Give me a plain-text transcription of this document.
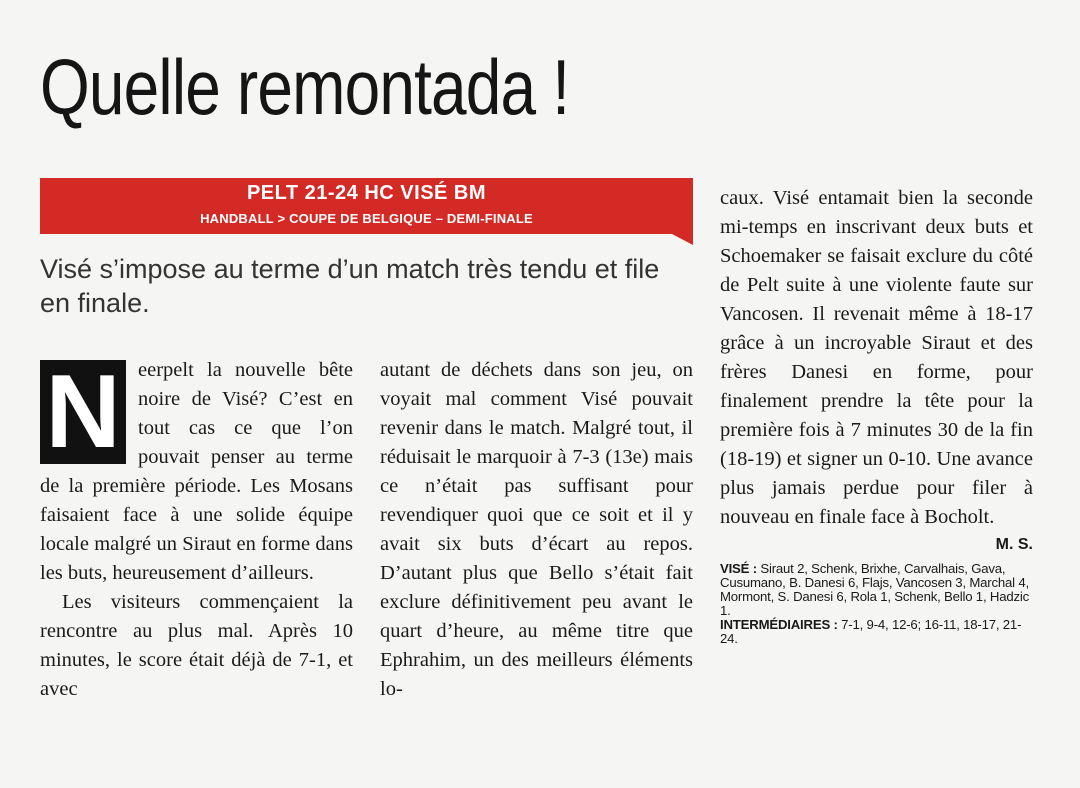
Quelle remontada !
PELT 21-24 HC VISÉ BM
HANDBALL > COUPE DE BELGIQUE – DEMI-FINALE
Visé s’impose au terme d’un match très tendu et file en finale.

N eerpelt la nouvelle bête noire de Visé? C’est en tout cas ce que l’on pouvait penser au terme de la première période. Les Mosans faisaient face à une solide équipe locale malgré un Siraut en forme dans les buts, heureusement d’ailleurs.

Les visiteurs commençaient la rencontre au plus mal. Après 10 minutes, le score était déjà de 7-1, et avec

autant de déchets dans son jeu, on voyait mal comment Visé pouvait revenir dans le match. Malgré tout, il réduisait le marquoir à 7-3 (13e) mais ce n’était pas suffisant pour revendiquer quoi que ce soit et il y avait six buts d’écart au repos. D’autant plus que Bello s’était fait exclure définitivement peu avant le quart d’heure, au même titre que Ephrahim, un des meilleurs éléments lo-

caux. Visé entamait bien la seconde mi-temps en inscrivant deux buts et Schoemaker se faisait exclure du côté de Pelt suite à une violente faute sur Vancosen. Il revenait même à 18-17 grâce à un incroyable Siraut et des frères Danesi en forme, pour finalement prendre la tête pour la première fois à 7 minutes 30 de la fin (18-19) et signer un 0-10. Une avance plus jamais perdue pour filer à nouveau en finale face à Bocholt.

M. S.

VISÉ : Siraut 2, Schenk, Brixhe, Carvalhais, Gava, Cusumano, B. Danesi 6, Flajs, Vancosen 3, Marchal 4, Mormont, S. Danesi 6, Rola 1, Schenk, Bello 1, Hadzic 1.
INTERMÉDIAIRES : 7-1, 9-4, 12-6; 16-11, 18-17, 21-24.
